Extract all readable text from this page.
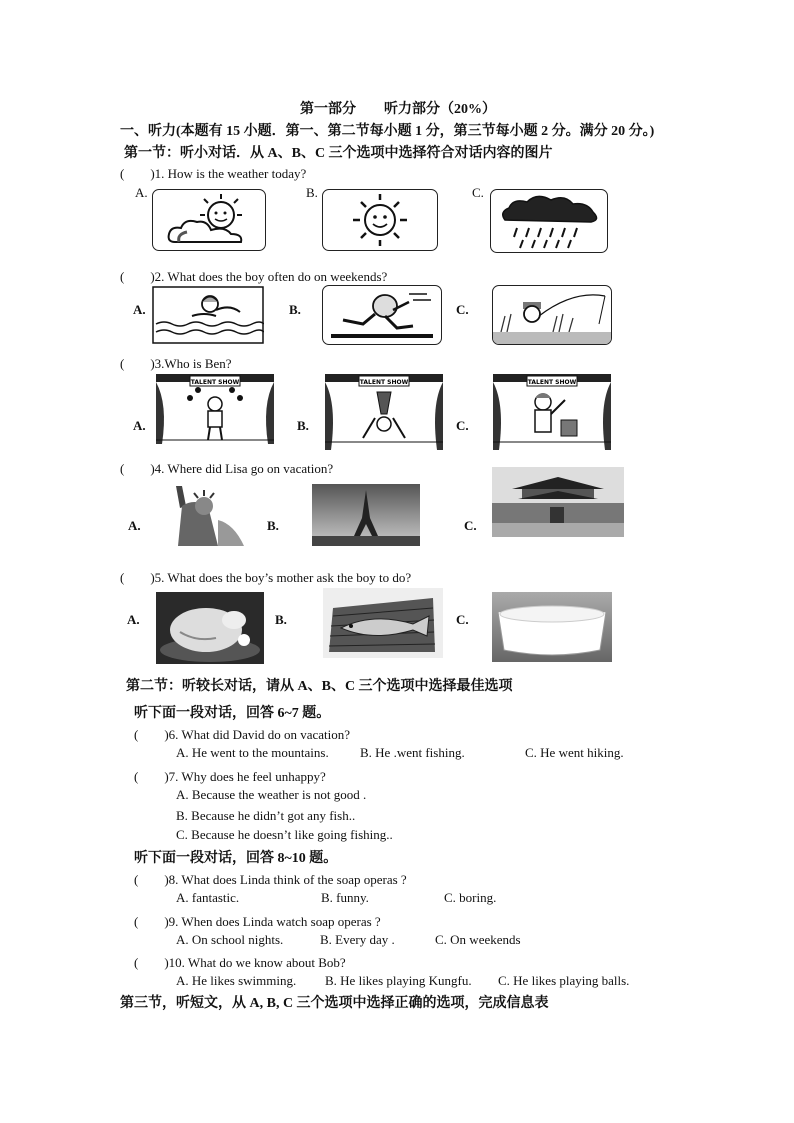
第一部分　　听力部分（20%）
一、听力(本题有 15 小题．第一、第二节每小题 1 分，第三节每小题 2 分。满分 20 分。)
第一节：听小对话．从 A、B、C 三个选项中选择符合对话内容的图片
(　　)1. How is the weather today?
A.	B.	C.
(　　)2. What does the boy often do on weekends?
A.	B.	C.
(　　)3.Who is Ben?
A.
TALENT SHOW
B.
TALENT SHOW
C.
TALENT SHOW
(　　)4. Where did Lisa go on vacation?
A.	B.	C.
(　　)5. What does the boy’s mother ask the boy to do?
A.	B.	C.
第二节：听较长对话，请从 A、B、C 三个选项中选择最佳选项
听下面一段对话，回答 6~7 题。
(　　)6. What did David do on vacation?
A. He went to the mountains. B. He .went fishing.	C. He went hiking.
(　　)7. Why does he feel unhappy?
A. Because the weather is not good .
B. Because he didn’t got any fish..
C. Because he doesn’t like going fishing..
听下面一段对话，回答 8~10 题。
(　　)8. What does Linda think of the soap operas ?
A. fantastic.	B. funny.	C. boring.
(　　)9. When does Linda watch soap operas ?
A. On school nights.	B. Every day .	C. On weekends
(　　)10. What do we know about Bob?
A. He likes swimming. B. He likes playing Kungfu. C. He likes playing balls.
第三节，听短文，从 A, B, C 三个选项中选择正确的选项，完成信息表
